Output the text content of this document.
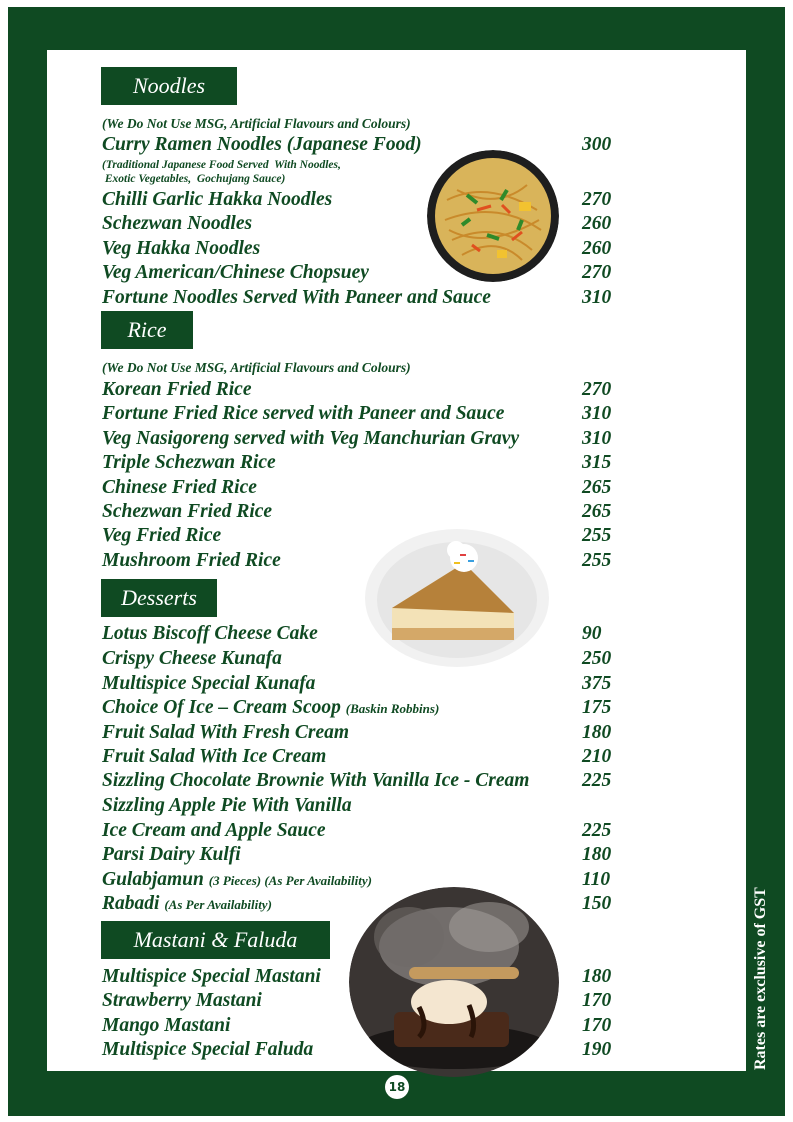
Rates are exclusive of GST
18
Noodles
(We Do Not Use MSG, Artificial Flavours and Colours)
Curry Ramen Noodles (Japanese Food)	300
(Traditional Japanese Food Served  With Noodles,
Exotic Vegetables,  Gochujang Sauce)
Chilli Garlic Hakka Noodles	270
Schezwan Noodles	260
Veg Hakka Noodles	260
Veg American/Chinese Chopsuey	270
Fortune Noodles Served With Paneer and Sauce	310
Rice
(We Do Not Use MSG, Artificial Flavours and Colours)
Korean Fried Rice	270
Fortune Fried Rice served with Paneer and Sauce	310
Veg Nasigoreng served with Veg Manchurian Gravy	310
Triple Schezwan Rice	315
Chinese Fried Rice	265
Schezwan Fried Rice	265
Veg Fried Rice	255
Mushroom Fried Rice	255
Desserts
Lotus Biscoff Cheese Cake	90
Crispy Cheese Kunafa	250
Multispice Special Kunafa	375
Choice Of Ice – Cream Scoop (Baskin Robbins)	175
Fruit Salad With Fresh Cream	180
Fruit Salad With Ice Cream	210
Sizzling Chocolate Brownie With Vanilla Ice - Cream	225
Sizzling Apple Pie With Vanilla
Ice Cream and Apple Sauce	225
Parsi Dairy Kulfi	180
Gulabjamun (3 Pieces) (As Per Availability)	110
Rabadi (As Per Availability)	150
Mastani & Faluda
Multispice Special Mastani	180
Strawberry Mastani	170
Mango Mastani	170
Multispice Special Faluda	190
